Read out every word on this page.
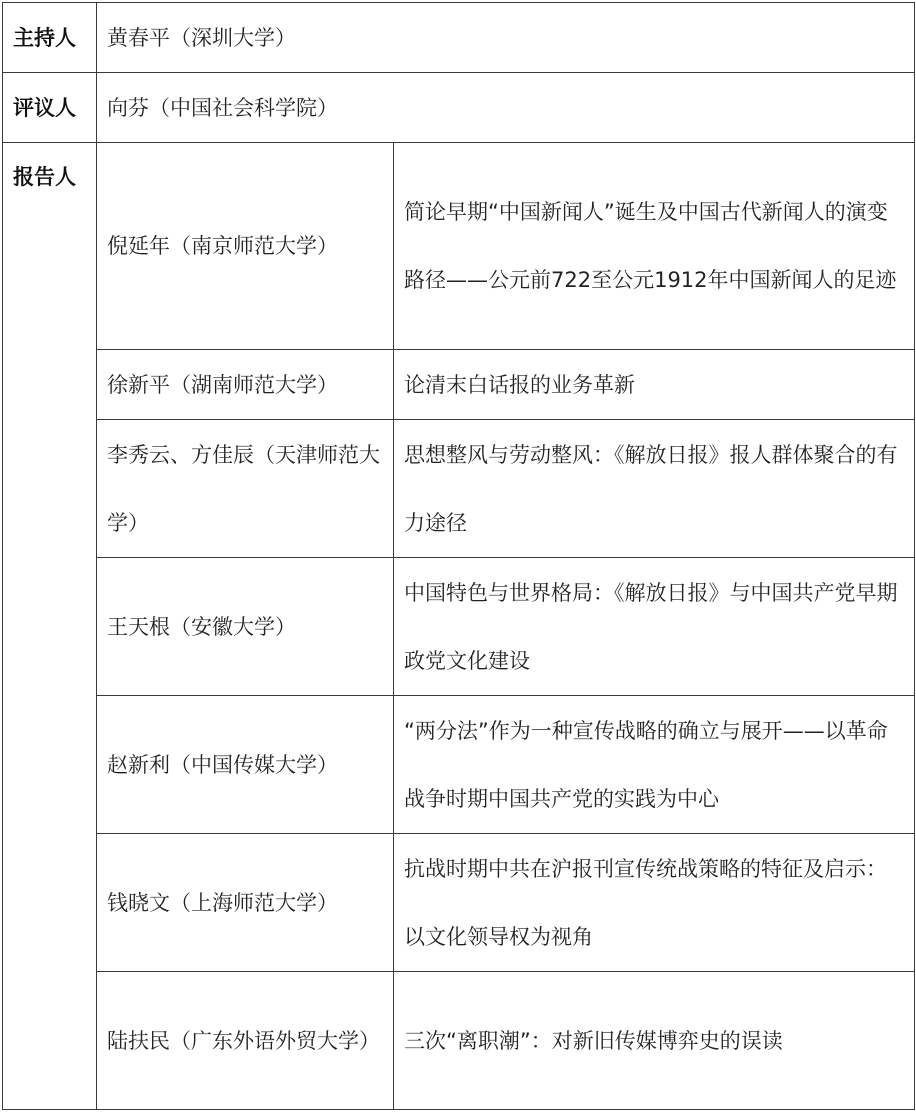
主持人	黄春平（深圳大学）	
评议人	向芬（中国社会科学院）	
报告人	倪延年（南京师范大学）	简论早期“中国新闻人”诞生及中国古代新闻人的演变路径——公元前722至公元1912年中国新闻人的足迹
	徐新平（湖南师范大学）	论清末白话报的业务革新
	李秀云、方佳辰（天津师范大学）	思想整风与劳动整风：《解放日报》报人群体聚合的有力途径
	王天根（安徽大学）	中国特色与世界格局：《解放日报》与中国共产党早期政党文化建设
	赵新利（中国传媒大学）	“两分法”作为一种宣传战略的确立与展开——以革命战争时期中国共产党的实践为中心
	钱晓文（上海师范大学）	抗战时期中共在沪报刊宣传统战策略的特征及启示：以文化领导权为视角
	陆扶民（广东外语外贸大学）	三次“离职潮”：对新旧传媒博弈史的误读
